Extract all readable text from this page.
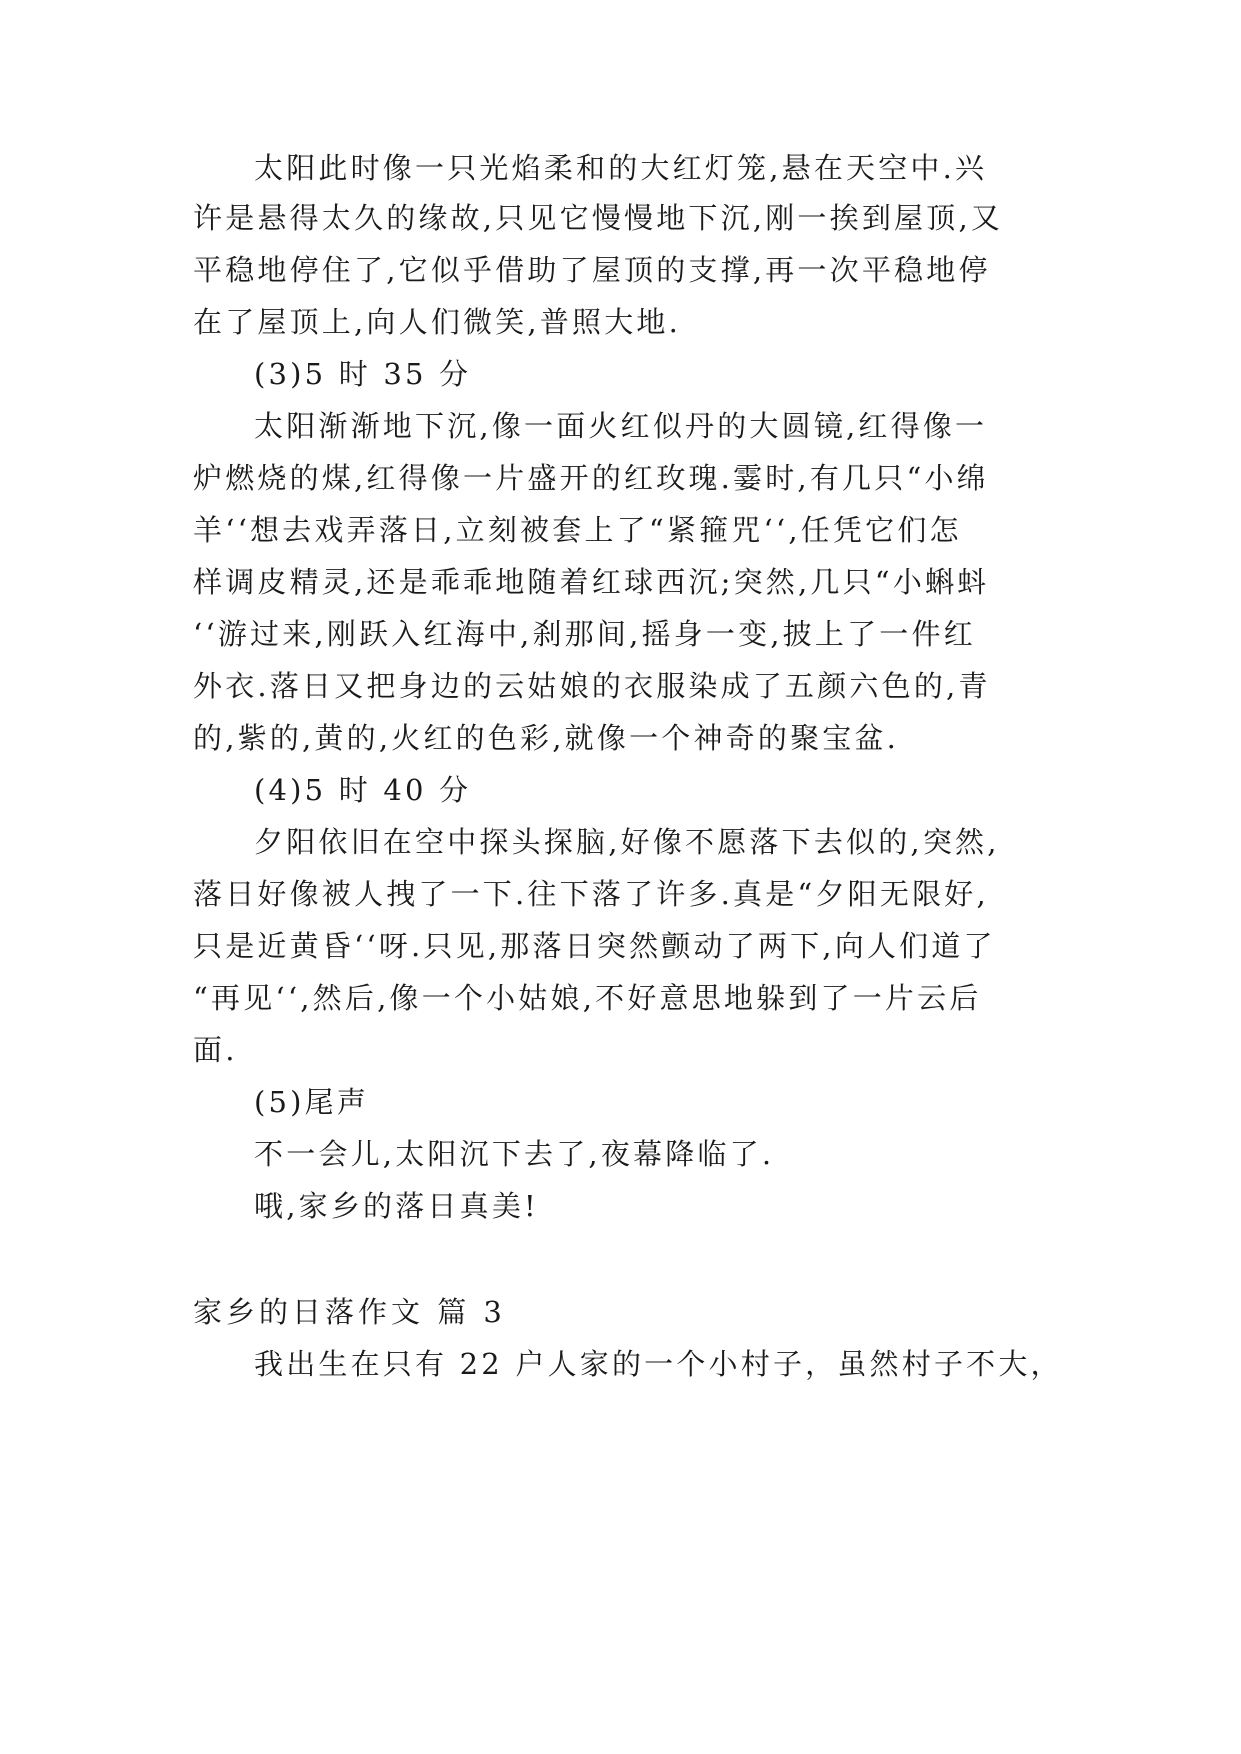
太阳此时像一只光焰柔和的大红灯笼,悬在天空中.兴
许是悬得太久的缘故,只见它慢慢地下沉,刚一挨到屋顶,又
平稳地停住了,它似乎借助了屋顶的支撑,再一次平稳地停
在了屋顶上,向人们微笑,普照大地.
(3)5 时 35 分
太阳渐渐地下沉,像一面火红似丹的大圆镜,红得像一
炉燃烧的煤,红得像一片盛开的红玫瑰.霎时,有几只“小绵
羊‘‘想去戏弄落日,立刻被套上了“紧箍咒‘‘,任凭它们怎
样调皮精灵,还是乖乖地随着红球西沉;突然,几只“小蝌蚪
‘‘游过来,刚跃入红海中,刹那间,摇身一变,披上了一件红
外衣.落日又把身边的云姑娘的衣服染成了五颜六色的,青
的,紫的,黄的,火红的色彩,就像一个神奇的聚宝盆.
(4)5 时 40 分
夕阳依旧在空中探头探脑,好像不愿落下去似的,突然,
落日好像被人拽了一下.往下落了许多.真是“夕阳无限好,
只是近黄昏‘‘呀.只见,那落日突然颤动了两下,向人们道了
“再见‘‘,然后,像一个小姑娘,不好意思地躲到了一片云后
面.
(5)尾声
不一会儿,太阳沉下去了,夜幕降临了.
哦,家乡的落日真美!
家乡的日落作文 篇 3
我出生在只有 22 户人家的一个小村子，虽然村子不大，
